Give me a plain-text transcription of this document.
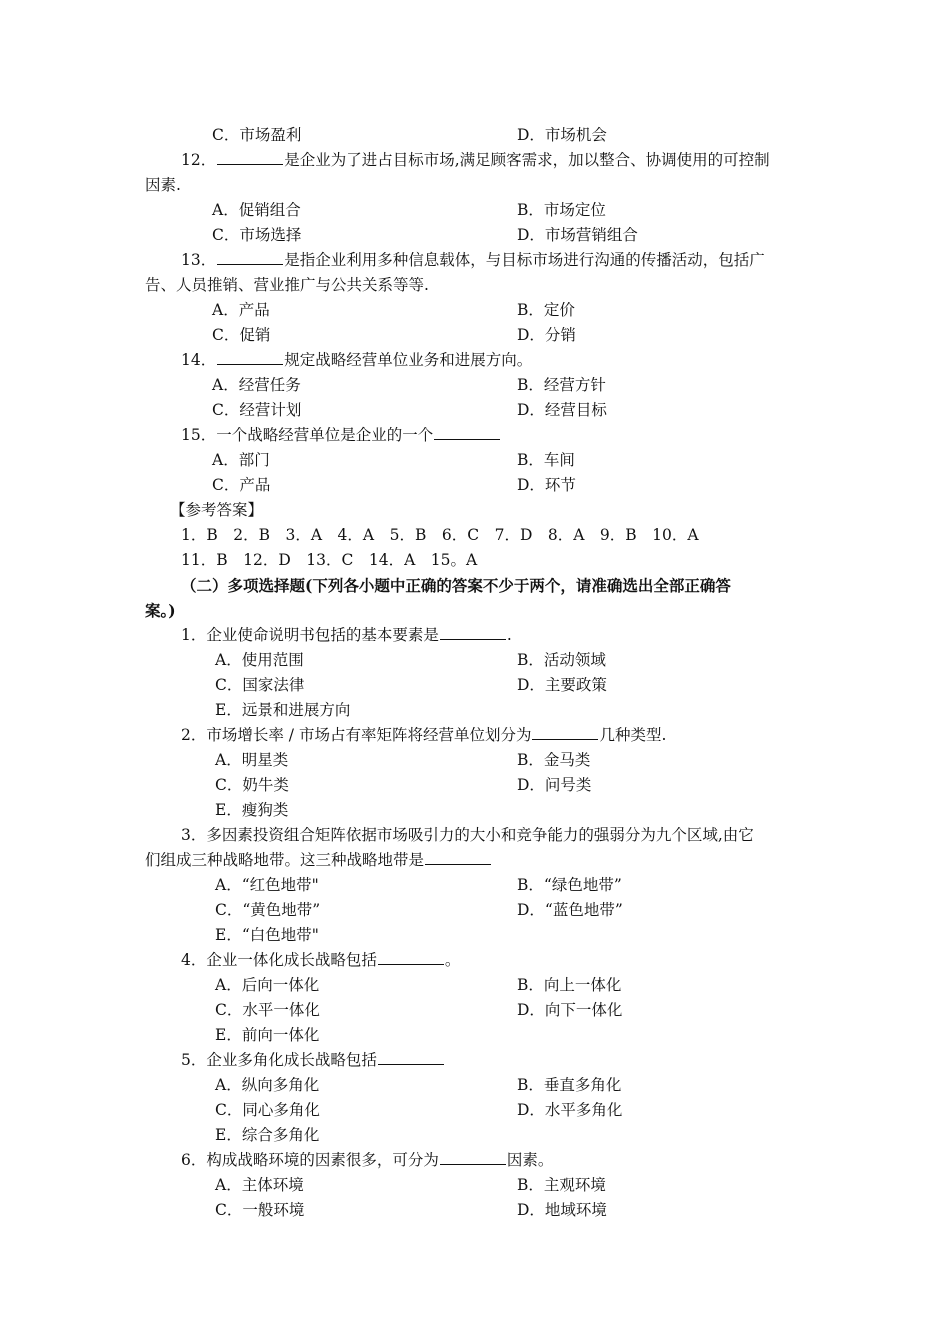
C．市场盈利	D．市场机会
12．	是企业为了进占目标市场,满足顾客需求，加以整合、协调使用的可控制
因素.
A．促销组合	B．市场定位
C．市场选择	D．市场营销组合
13．	是指企业利用多种信息载体，与目标市场进行沟通的传播活动，包括广
告、人员推销、营业推广与公共关系等等.
A．产品	B．定价
C．促销	D．分销
14．	规定战略经营单位业务和进展方向。
A．经营任务	B．经营方针
C．经营计划	D．经营目标
15．一个战略经营单位是企业的一个
A．部门	B．车间
C．产品	D．环节
【参考答案】
1．B　2．B　3．A　4．A　5．B　6．C　7．D　8．A　9．B　10．A
11．B　12．D　13．C　14．A　15。A
（二）多项选择题(下列各小题中正确的答案不少于两个，请准确选出全部正确答
案。)
1．企业使命说明书包括的基本要素是	.
A．使用范围	B．活动领域
C．国家法律	D．主要政策
E．远景和进展方向
2．市场增长率 / 市场占有率矩阵将经营单位划分为	几种类型.
A．明星类	B．金马类
C．奶牛类	D．问号类
E．瘦狗类
3．多因素投资组合矩阵依据市场吸引力的大小和竞争能力的强弱分为九个区域,由它
们组成三种战略地带。这三种战略地带是
A．“红色地带"	B．“绿色地带”
C．“黄色地带”	D．“蓝色地带”
E．“白色地带"
4．企业一体化成长战略包括	。
A．后向一体化	B．向上一体化
C．水平一体化	D．向下一体化
E．前向一体化
5．企业多角化成长战略包括
A．纵向多角化	B．垂直多角化
C．同心多角化	D．水平多角化
E．综合多角化
6．构成战略环境的因素很多，可分为	因素。
A．主体环境	B．主观环境
C．一般环境	D．地域环境
